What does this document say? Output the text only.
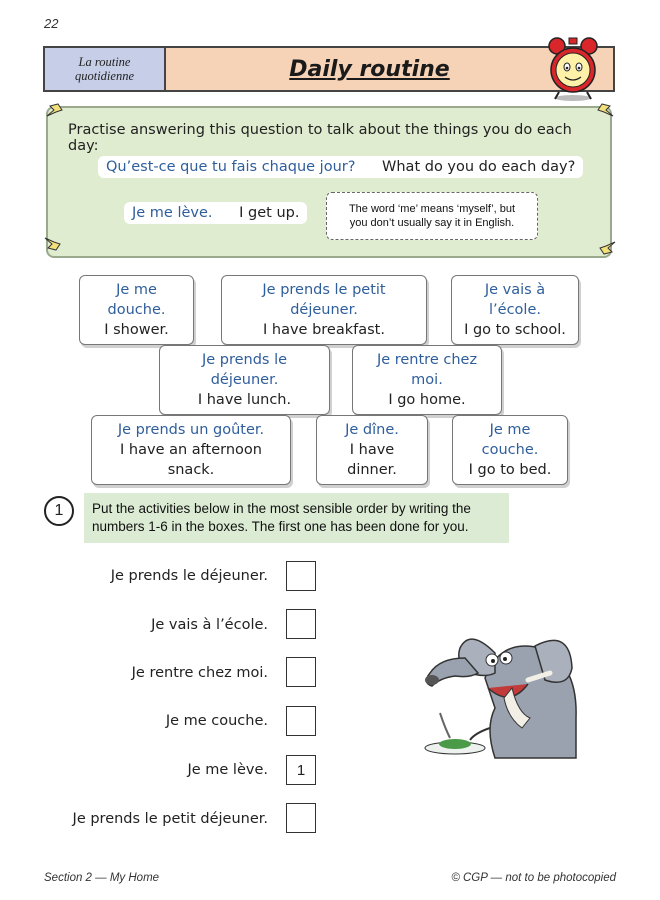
22
La routine
quotidienne	Daily routine
Practise answering this question to talk about the things you do each day:
Qu’est-ce que tu fais chaque jour? What do you do each day?
Je me lève. I get up.	The word ‘me’ means ‘myself’, but
you don’t usually say it in English.
Je me douche.
I shower.
Je prends le petit déjeuner.
I have breakfast.
Je vais à l’école.
I go to school.
Je prends le déjeuner.
I have lunch.
Je rentre chez moi.
I go home.
Je prends un goûter.
I have an afternoon snack.
Je dîne.
I have dinner.
Je me couche.
I go to bed.
1	Put the activities below in the most sensible order by writing the
numbers 1-6 in the boxes. The first one has been done for you.
Je prends le déjeuner.
Je vais à l’école.
Je rentre chez moi.
Je me couche.
Je me lève.	1
Je prends le petit déjeuner.
Section 2 — My Home	© CGP — not to be photocopied
